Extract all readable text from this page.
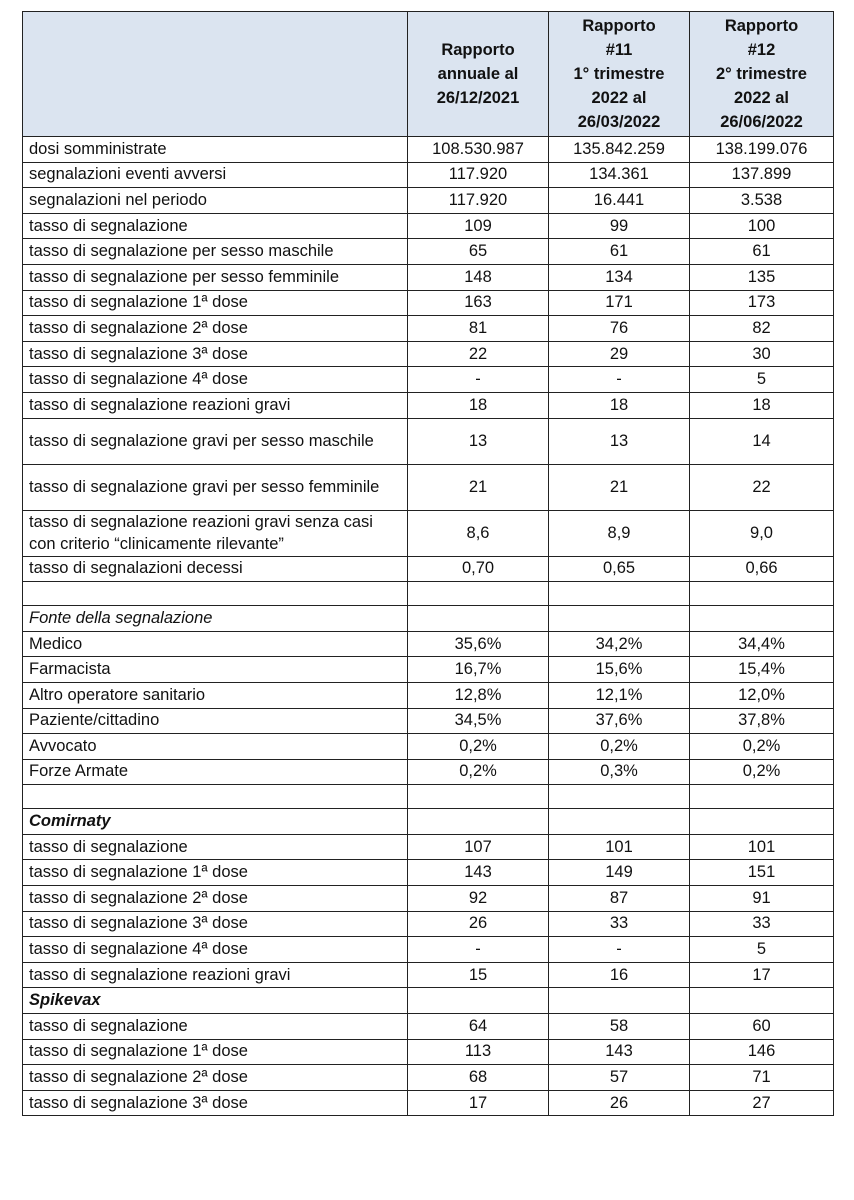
	Rapporto
annuale al
26/12/2021	Rapporto
#11
1° trimestre
2022 al
26/03/2022	Rapporto
#12
2° trimestre
2022 al
26/06/2022

dosi somministrate	108.530.987	135.842.259	138.199.076
segnalazioni eventi avversi	117.920	134.361	137.899
segnalazioni nel periodo	117.920	16.441	3.538
tasso di segnalazione	109	99	100
tasso di segnalazione per sesso maschile	65	61	61
tasso di segnalazione per sesso femminile	148	134	135
tasso di segnalazione 1ª dose	163	171	173
tasso di segnalazione 2ª dose	81	76	82
tasso di segnalazione 3ª dose	22	29	30
tasso di segnalazione 4ª dose	-	-	5
tasso di segnalazione reazioni gravi	18	18	18
tasso di segnalazione gravi per sesso maschile	13	13	14
tasso di segnalazione gravi per sesso femminile	21	21	22
tasso di segnalazione reazioni gravi senza casi con criterio “clinicamente rilevante”	8,6	8,9	9,0
tasso di segnalazioni decessi	0,70	0,65	0,66

Fonte della segnalazione			
Medico	35,6%	34,2%	34,4%
Farmacista	16,7%	15,6%	15,4%
Altro operatore sanitario	12,8%	12,1%	12,0%
Paziente/cittadino	34,5%	37,6%	37,8%
Avvocato	0,2%	0,2%	0,2%
Forze Armate	0,2%	0,3%	0,2%

Comirnaty			
tasso di segnalazione	107	101	101
tasso di segnalazione 1ª dose	143	149	151
tasso di segnalazione 2ª dose	92	87	91
tasso di segnalazione 3ª dose	26	33	33
tasso di segnalazione 4ª dose	-	-	5
tasso di segnalazione reazioni gravi	15	16	17
Spikevax			
tasso di segnalazione	64	58	60
tasso di segnalazione 1ª dose	113	143	146
tasso di segnalazione 2ª dose	68	57	71
tasso di segnalazione 3ª dose	17	26	27
